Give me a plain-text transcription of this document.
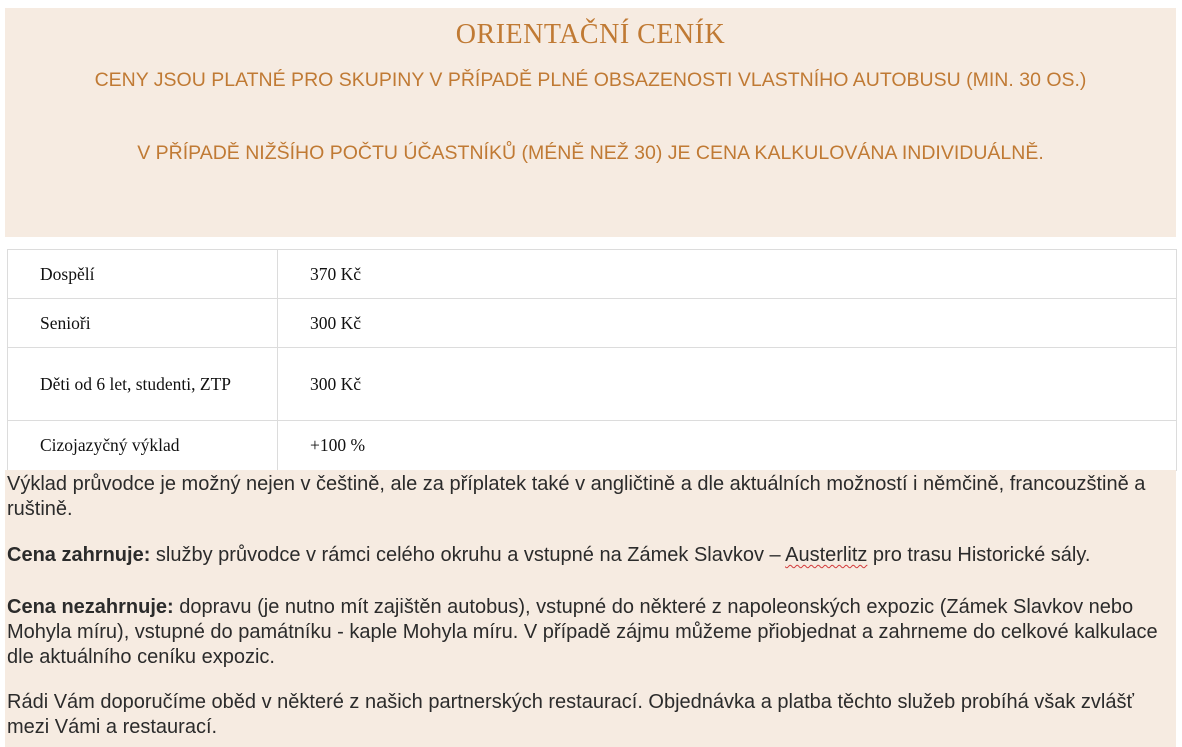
ORIENTAČNÍ CENÍK
CENY JSOU PLATNÉ PRO SKUPINY V PŘÍPADĚ PLNÉ OBSAZENOSTI VLASTNÍHO AUTOBUSU (MIN. 30 OS.)
V PŘÍPADĚ NIŽŠÍHO POČTU ÚČASTNÍKŮ (MÉNĚ NEŽ 30) JE CENA KALKULOVÁNA INDIVIDUÁLNĚ.
Dospělí	370 Kč
Senioři	300 Kč
Děti od 6 let, studenti, ZTP	300 Kč
Cizojazyčný výklad	+100 %
Výklad průvodce je možný nejen v češtině, ale za příplatek také v angličtině a dle aktuálních možností i němčině, francouzštině a ruštině.
Cena zahrnuje: služby průvodce v rámci celého okruhu a vstupné na Zámek Slavkov – Austerlitz pro trasu Historické sály.
Cena nezahrnuje: dopravu (je nutno mít zajištěn autobus), vstupné do některé z napoleonských expozic (Zámek Slavkov nebo Mohyla míru), vstupné do památníku - kaple Mohyla míru. V případě zájmu můžeme přiobjednat a zahrneme do celkové kalkulace dle aktuálního ceníku expozic.
Rádi Vám doporučíme oběd v některé z našich partnerských restaurací. Objednávka a platba těchto služeb probíhá však zvlášť mezi Vámi a restaurací.
